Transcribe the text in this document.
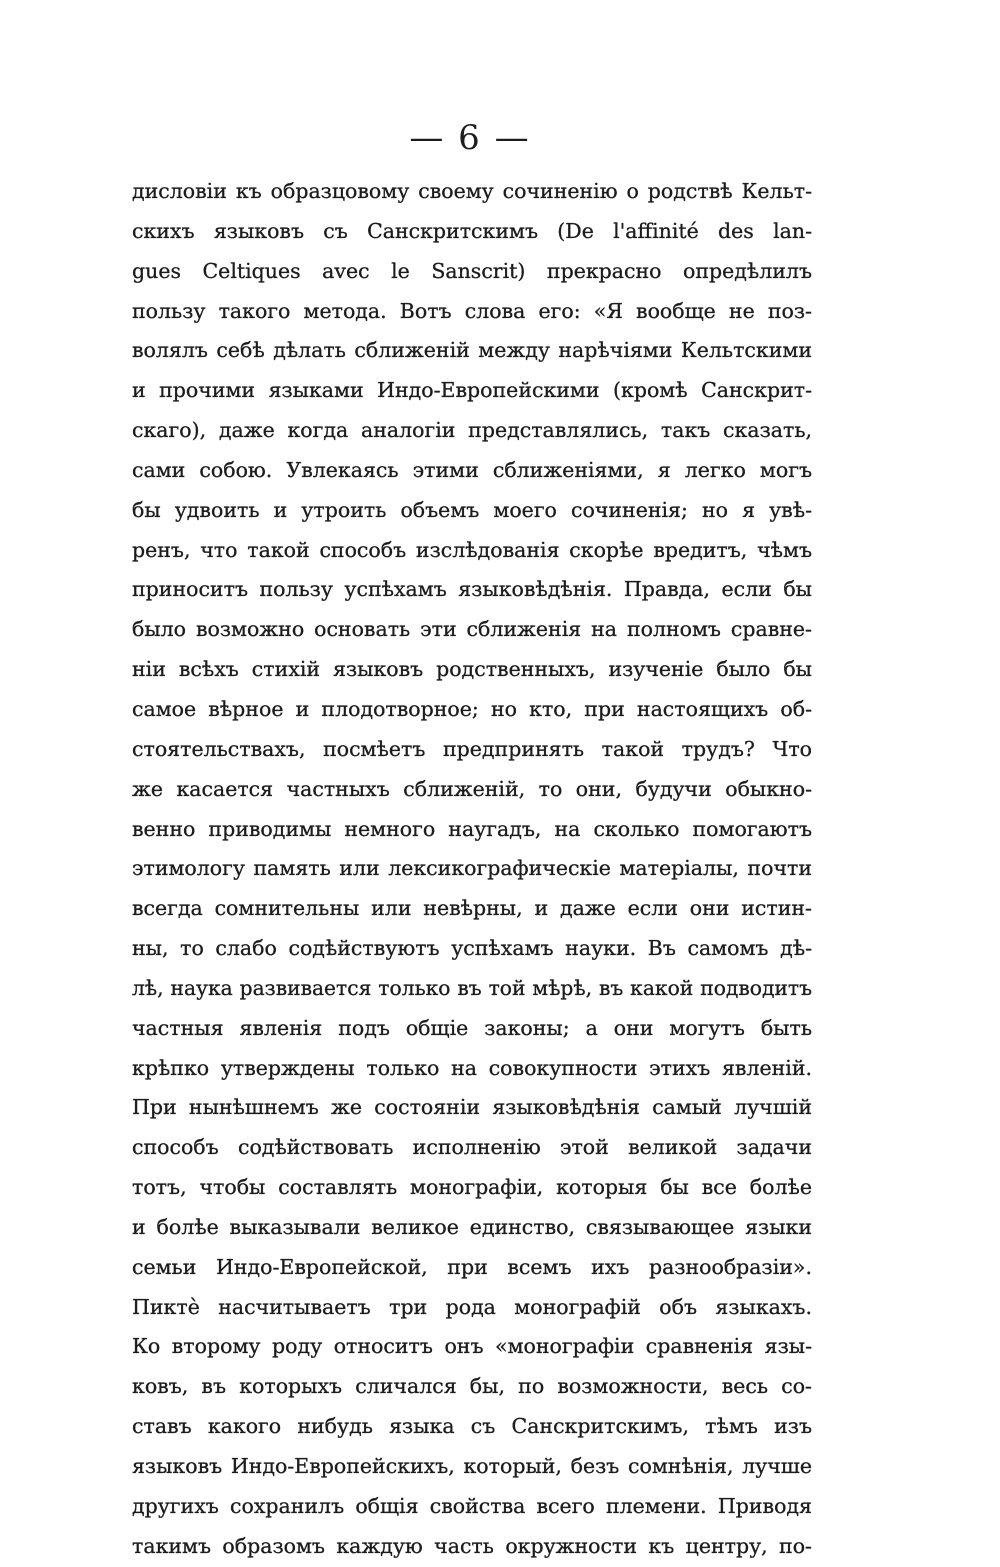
— 6 —
дисловіи къ образцовому своему сочиненію о родствѣ Кельт-
скихъ языковъ съ Санскритскимъ (De l'affinité des lan-
gues Celtiques avec le Sanscrit) прекрасно опредѣлилъ
пользу такого метода. Вотъ слова его: «Я вообще не поз-
волялъ себѣ дѣлать сближеній между нарѣчіями Кельтскими
и прочими языками Индо-Европейскими (кромѣ Санскрит-
скаго), даже когда аналогіи представлялись, такъ сказать,
сами собою. Увлекаясь этими сближеніями, я легко могъ
бы удвоить и утроить объемъ моего сочиненія; но я увѣ-
ренъ, что такой способъ изслѣдованія скорѣе вредитъ, чѣмъ
приноситъ пользу успѣхамъ языковѣдѣнія. Правда, если бы
было возможно основать эти сближенія на полномъ сравне-
ніи всѣхъ стихій языковъ родственныхъ, изученіе было бы
самое вѣрное и плодотворное; но кто, при настоящихъ об-
стоятельствахъ, посмѣетъ предпринять такой трудъ? Что
же касается частныхъ сближеній, то они, будучи обыкно-
венно приводимы немного наугадъ, на сколько помогаютъ
этимологу память или лексикографическіе матеріалы, почти
всегда сомнительны или невѣрны, и даже если они истин-
ны, то слабо содѣйствуютъ успѣхамъ науки. Въ самомъ дѣ-
лѣ, наука развивается только въ той мѣрѣ, въ какой подводитъ
частныя явленія подъ общіе законы; а они могутъ быть
крѣпко утверждены только на совокупности этихъ явленій.
При нынѣшнемъ же состояніи языковѣдѣнія самый лучшій
способъ содѣйствовать исполненію этой великой задачи
тотъ, чтобы составлять монографіи, которыя бы все болѣе
и болѣе выказывали великое единство, связывающее языки
семьи Индо-Европейской, при всемъ ихъ разнообразіи».
Пиктѐ насчитываетъ три рода монографій объ языкахъ.
Ко второму роду относитъ онъ «монографіи сравненія язы-
ковъ, въ которыхъ сличался бы, по возможности, весь со-
ставъ какого нибудь языка съ Санскритскимъ, тѣмъ изъ
языковъ Индо-Европейскихъ, который, безъ сомнѣнія, лучше
другихъ сохранилъ общія свойства всего племени. Приводя
такимъ образомъ каждую часть окружности къ центру, по-
